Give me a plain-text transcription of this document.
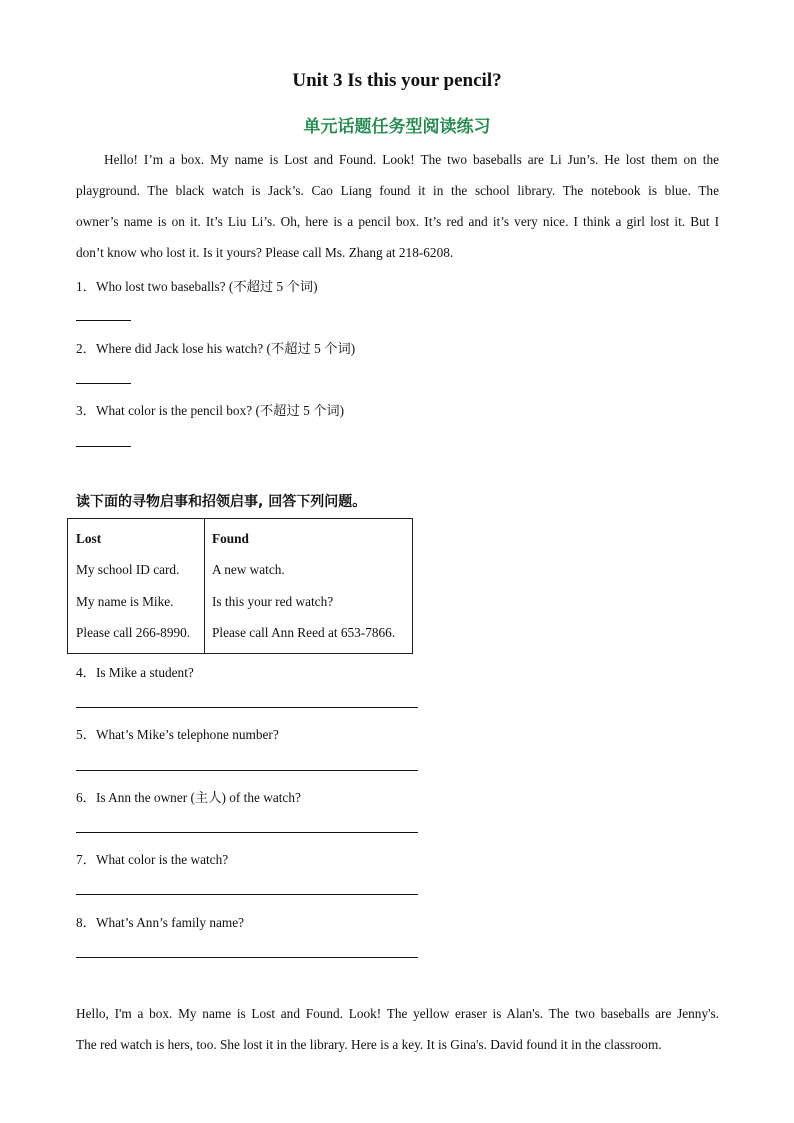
Unit 3 Is this your pencil?
单元话题任务型阅读练习
Hello! I’m a box. My name is Lost and Found. Look! The two baseballs are Li Jun’s. He lost them on the
playground. The black watch is Jack’s. Cao Liang found it in the school library. The notebook is blue. The
owner’s name is on it. It’s Liu Li’s. Oh, here is a pencil box. It’s red and it’s very nice. I think a girl lost it. But I
don’t know who lost it. Is it yours? Please call Ms. Zhang at 218-6208.
1．Who lost two baseballs? (不超过 5 个词)
2．Where did Jack lose his watch? (不超过 5 个词)
3．What color is the pencil box? (不超过 5 个词)
读下面的寻物启事和招领启事, 回答下列问题。
Lost
My school ID card.
My name is Mike.
Please call 266-8990.
Found
A new watch.
Is this your red watch?
Please call Ann Reed at 653-7866.
4．Is Mike a student?
5．What’s Mike’s telephone number?
6．Is Ann the owner (主人) of the watch?
7．What color is the watch?
8．What’s Ann’s family name?
Hello, I'm a box. My name is Lost and Found. Look! The yellow eraser is Alan's. The two baseballs are Jenny's.
The red watch is hers, too. She lost it in the library. Here is a key. It is Gina's. David found it in the classroom.
